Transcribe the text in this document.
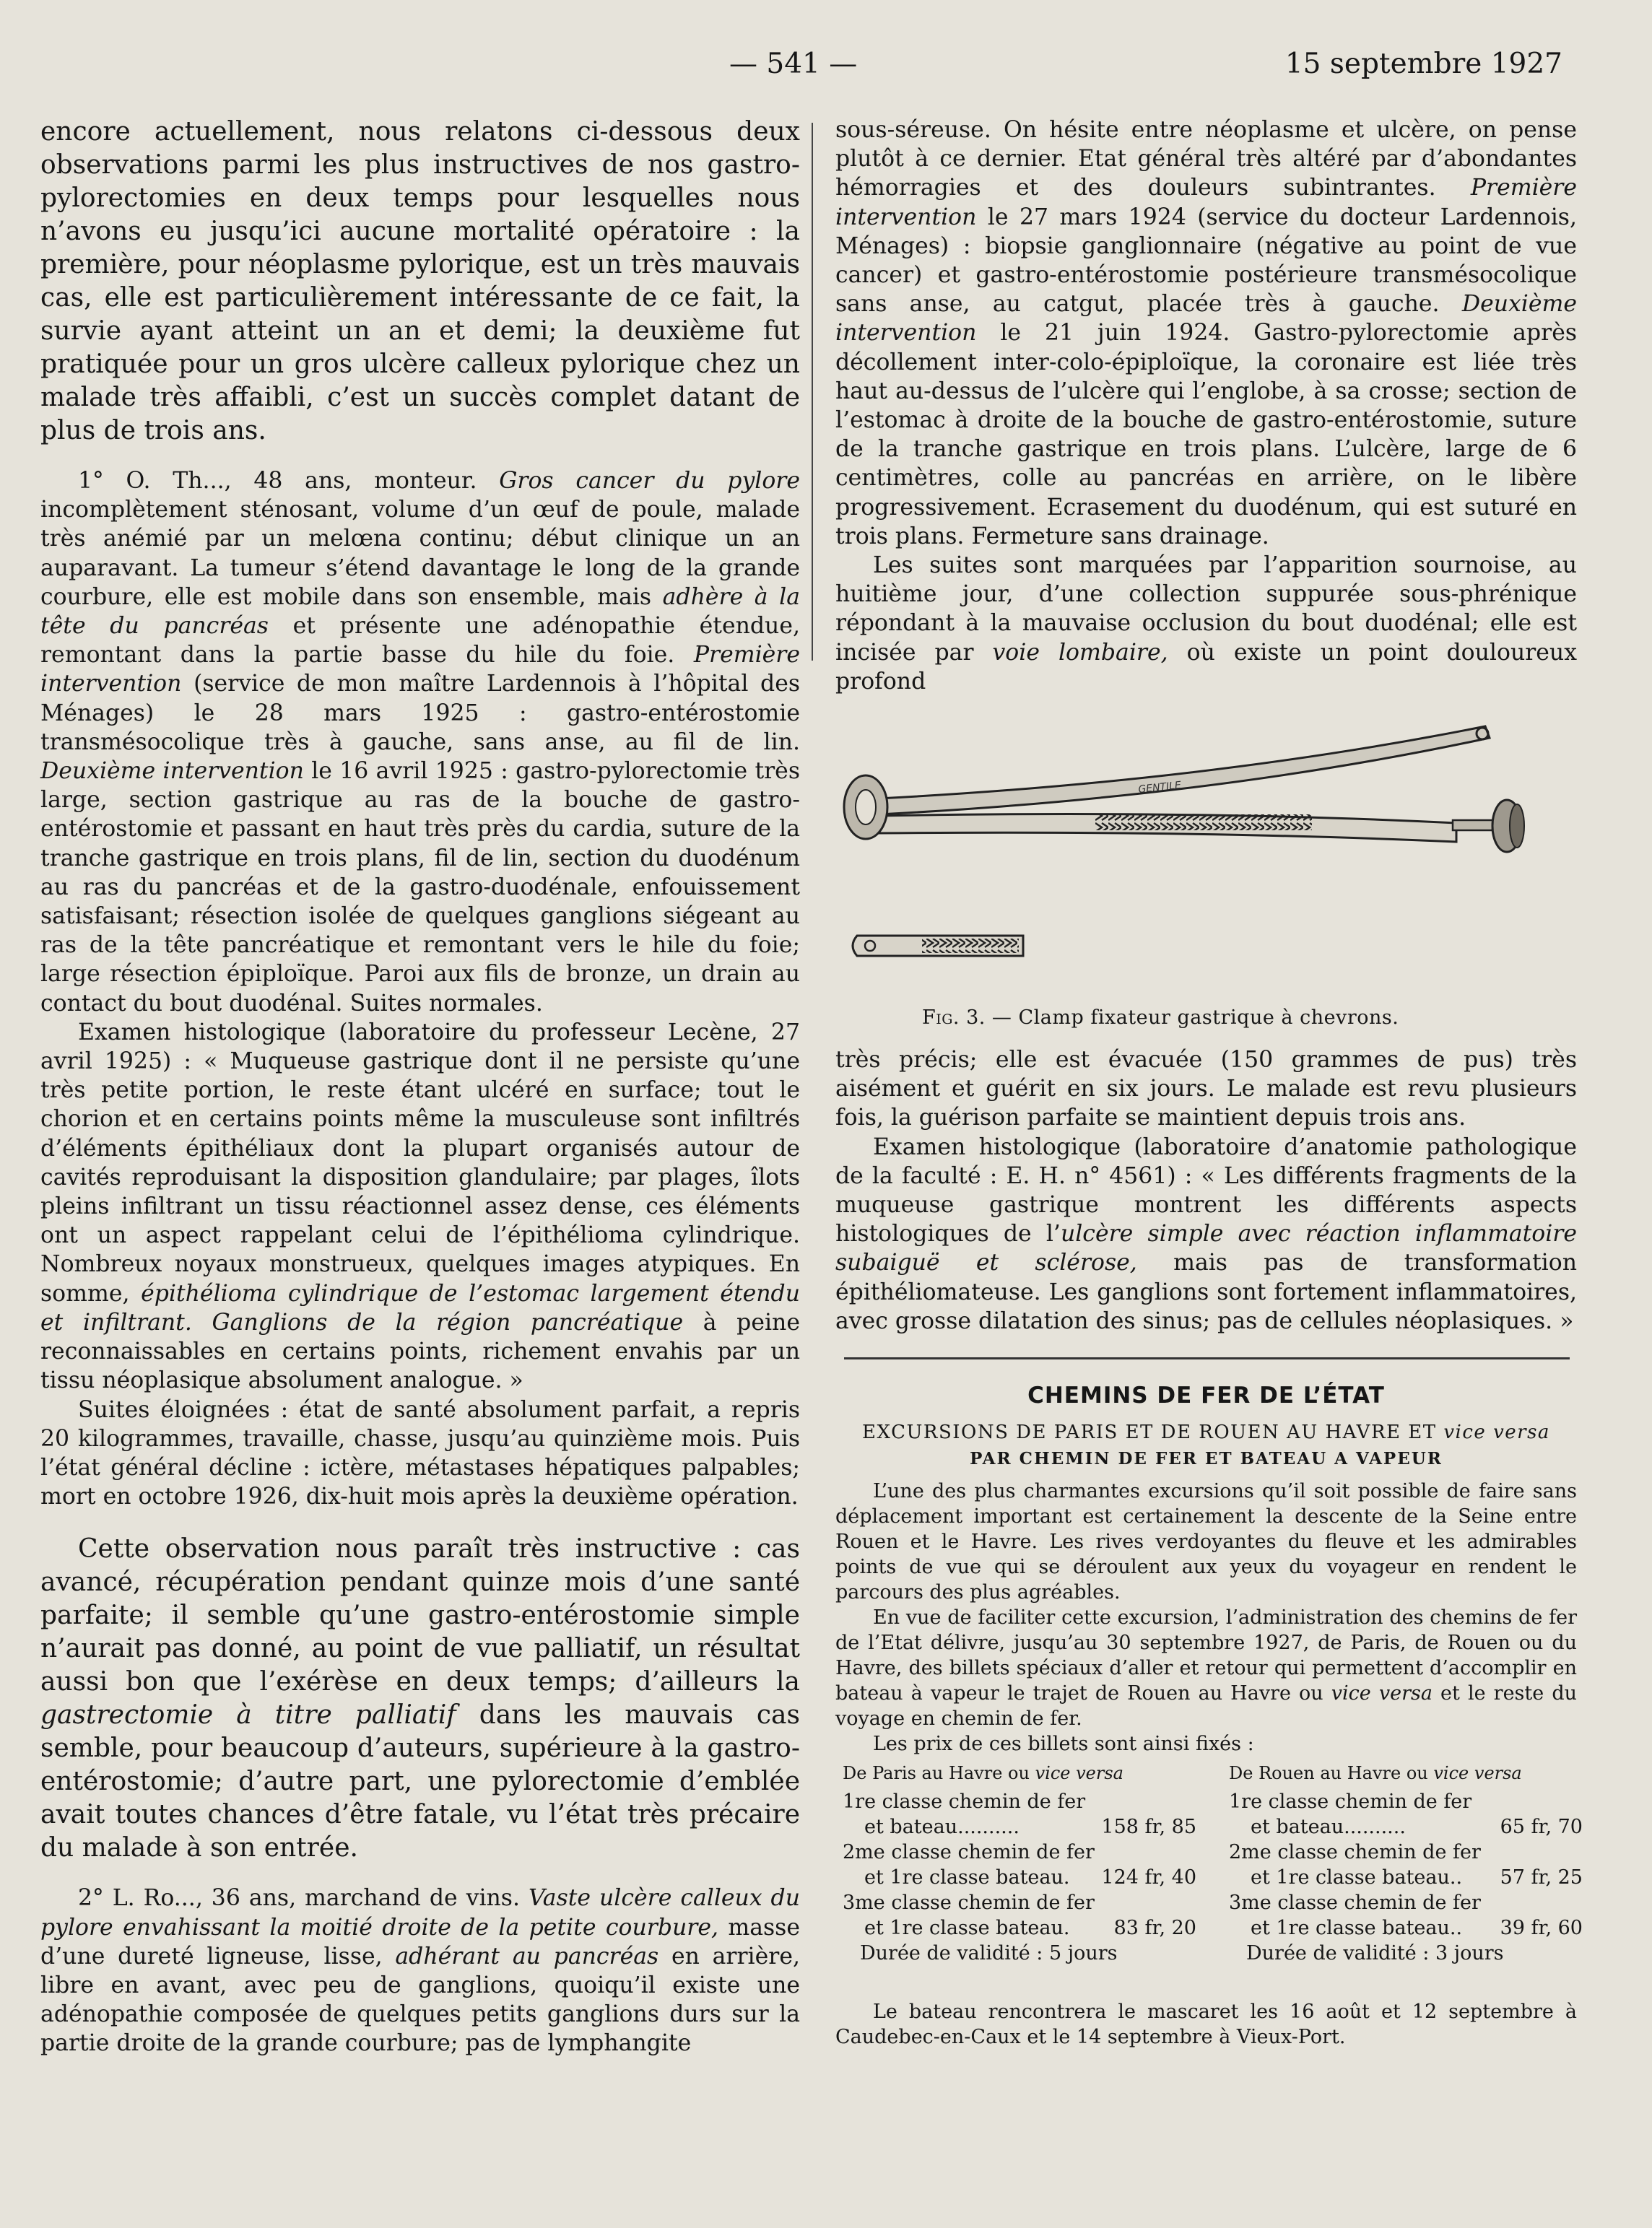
— 541 —	15 septembre 1927

encore actuellement, nous relatons ci-dessous deux observations parmi les plus instructives de nos gastro-pylorectomies en deux temps pour lesquelles nous n’avons eu jusqu’ici aucune mortalité opératoire : la première, pour néoplasme pylorique, est un très mauvais cas, elle est particulièrement intéressante de ce fait, la survie ayant atteint un an et demi; la deuxième fut pratiquée pour un gros ulcère calleux pylorique chez un malade très affaibli, c’est un succès complet datant de plus de trois ans.

1° O. Th..., 48 ans, monteur. Gros cancer du pylore incomplètement sténosant, volume d’un œuf de poule, malade très anémié par un melœna continu; début clinique un an auparavant. La tumeur s’étend davantage le long de la grande courbure, elle est mobile dans son ensemble, mais adhère à la tête du pancréas et présente une adénopathie étendue, remontant dans la partie basse du hile du foie. Première intervention (service de mon maître Lardennois à l’hôpital des Ménages) le 28 mars 1925 : gastro-entérostomie transmésocolique très à gauche, sans anse, au fil de lin. Deuxième intervention le 16 avril 1925 : gastro-pylorectomie très large, section gastrique au ras de la bouche de gastro-entérostomie et passant en haut très près du cardia, suture de la tranche gastrique en trois plans, fil de lin, section du duodénum au ras du pancréas et de la gastro-duodénale, enfouissement satisfaisant; résection isolée de quelques ganglions siégeant au ras de la tête pancréatique et remontant vers le hile du foie; large résection épiploïque. Paroi aux fils de bronze, un drain au contact du bout duodénal. Suites normales.

Examen histologique (laboratoire du professeur Lecène, 27 avril 1925) : « Muqueuse gastrique dont il ne persiste qu’une très petite portion, le reste étant ulcéré en surface; tout le chorion et en certains points même la musculeuse sont infiltrés d’éléments épithéliaux dont la plupart organisés autour de cavités reproduisant la disposition glandulaire; par plages, îlots pleins infiltrant un tissu réactionnel assez dense, ces éléments ont un aspect rappelant celui de l’épithélioma cylindrique. Nombreux noyaux monstrueux, quelques images atypiques. En somme, épithélioma cylindrique de l’estomac largement étendu et infiltrant. Ganglions de la région pancréatique à peine reconnaissables en certains points, richement envahis par un tissu néoplasique absolument analogue. »

Suites éloignées : état de santé absolument parfait, a repris 20 kilogrammes, travaille, chasse, jusqu’au quinzième mois. Puis l’état général décline : ictère, métastases hépatiques palpables; mort en octobre 1926, dix-huit mois après la deuxième opération.

Cette observation nous paraît très instructive : cas avancé, récupération pendant quinze mois d’une santé parfaite; il semble qu’une gastro-entérostomie simple n’aurait pas donné, au point de vue palliatif, un résultat aussi bon que l’exérèse en deux temps; d’ailleurs la gastrectomie à titre palliatif dans les mauvais cas semble, pour beaucoup d’auteurs, supérieure à la gastro-entérostomie; d’autre part, une pylorectomie d’emblée avait toutes chances d’être fatale, vu l’état très précaire du malade à son entrée.

2° L. Ro..., 36 ans, marchand de vins. Vaste ulcère calleux du pylore envahissant la moitié droite de la petite courbure, masse d’une dureté ligneuse, lisse, adhérant au pancréas en arrière, libre en avant, avec peu de ganglions, quoiqu’il existe une adénopathie composée de quelques petits ganglions durs sur la partie droite de la grande courbure; pas de lymphangite

sous-séreuse. On hésite entre néoplasme et ulcère, on pense plutôt à ce dernier. Etat général très altéré par d’abondantes hémorragies et des douleurs subintrantes. Première intervention le 27 mars 1924 (service du docteur Lardennois, Ménages) : biopsie ganglionnaire (négative au point de vue cancer) et gastro-entérostomie postérieure transmésocolique sans anse, au catgut, placée très à gauche. Deuxième intervention le 21 juin 1924. Gastro-pylorectomie après décollement inter-colo-épiploïque, la coronaire est liée très haut au-dessus de l’ulcère qui l’englobe, à sa crosse; section de l’estomac à droite de la bouche de gastro-entérostomie, suture de la tranche gastrique en trois plans. L’ulcère, large de 6 centimètres, colle au pancréas en arrière, on le libère progressivement. Ecrasement du duodénum, qui est suturé en trois plans. Fermeture sans drainage.

Les suites sont marquées par l’apparition sournoise, au huitième jour, d’une collection suppurée sous-phrénique répondant à la mauvaise occlusion du bout duodénal; elle est incisée par voie lombaire, où existe un point douloureux profond

GENTILE
Fig. 3. — Clamp fixateur gastrique à chevrons.

très précis; elle est évacuée (150 grammes de pus) très aisément et guérit en six jours. Le malade est revu plusieurs fois, la guérison parfaite se maintient depuis trois ans.

Examen histologique (laboratoire d’anatomie pathologique de la faculté : E. H. n° 4561) : « Les différents fragments de la muqueuse gastrique montrent les différents aspects histologiques de l’ulcère simple avec réaction inflammatoire subaiguë et sclérose, mais pas de transformation épithéliomateuse. Les ganglions sont fortement inflammatoires, avec grosse dilatation des sinus; pas de cellules néoplasiques. »

CHEMINS DE FER DE L’ÉTAT
EXCURSIONS DE PARIS ET DE ROUEN AU HAVRE ET vice versa
PAR CHEMIN DE FER ET BATEAU A VAPEUR

L’une des plus charmantes excursions qu’il soit possible de faire sans déplacement important est certainement la descente de la Seine entre Rouen et le Havre. Les rives verdoyantes du fleuve et les admirables points de vue qui se déroulent aux yeux du voyageur en rendent le parcours des plus agréables.

En vue de faciliter cette excursion, l’administration des chemins de fer de l’Etat délivre, jusqu’au 30 septembre 1927, de Paris, de Rouen ou du Havre, des billets spéciaux d’aller et retour qui permettent d’accomplir en bateau à vapeur le trajet de Rouen au Havre ou vice versa et le reste du voyage en chemin de fer.

Les prix de ces billets sont ainsi fixés :

De Paris au Havre ou vice versa
1re classe chemin de fer
et bateau..........	158 fr, 85
2me classe chemin de fer
et 1re classe bateau. 124 fr, 40
3me classe chemin de fer
et 1re classe bateau. 83 fr, 20
Durée de validité : 5 jours
De Rouen au Havre ou vice versa
1re classe chemin de fer
et bateau..........	65 fr, 70
2me classe chemin de fer
et 1re classe bateau.. 57 fr, 25
3me classe chemin de fer
et 1re classe bateau.. 39 fr, 60
Durée de validité : 3 jours

Le bateau rencontrera le mascaret les 16 août et 12 septembre à Caudebec-en-Caux et le 14 septembre à Vieux-Port.
